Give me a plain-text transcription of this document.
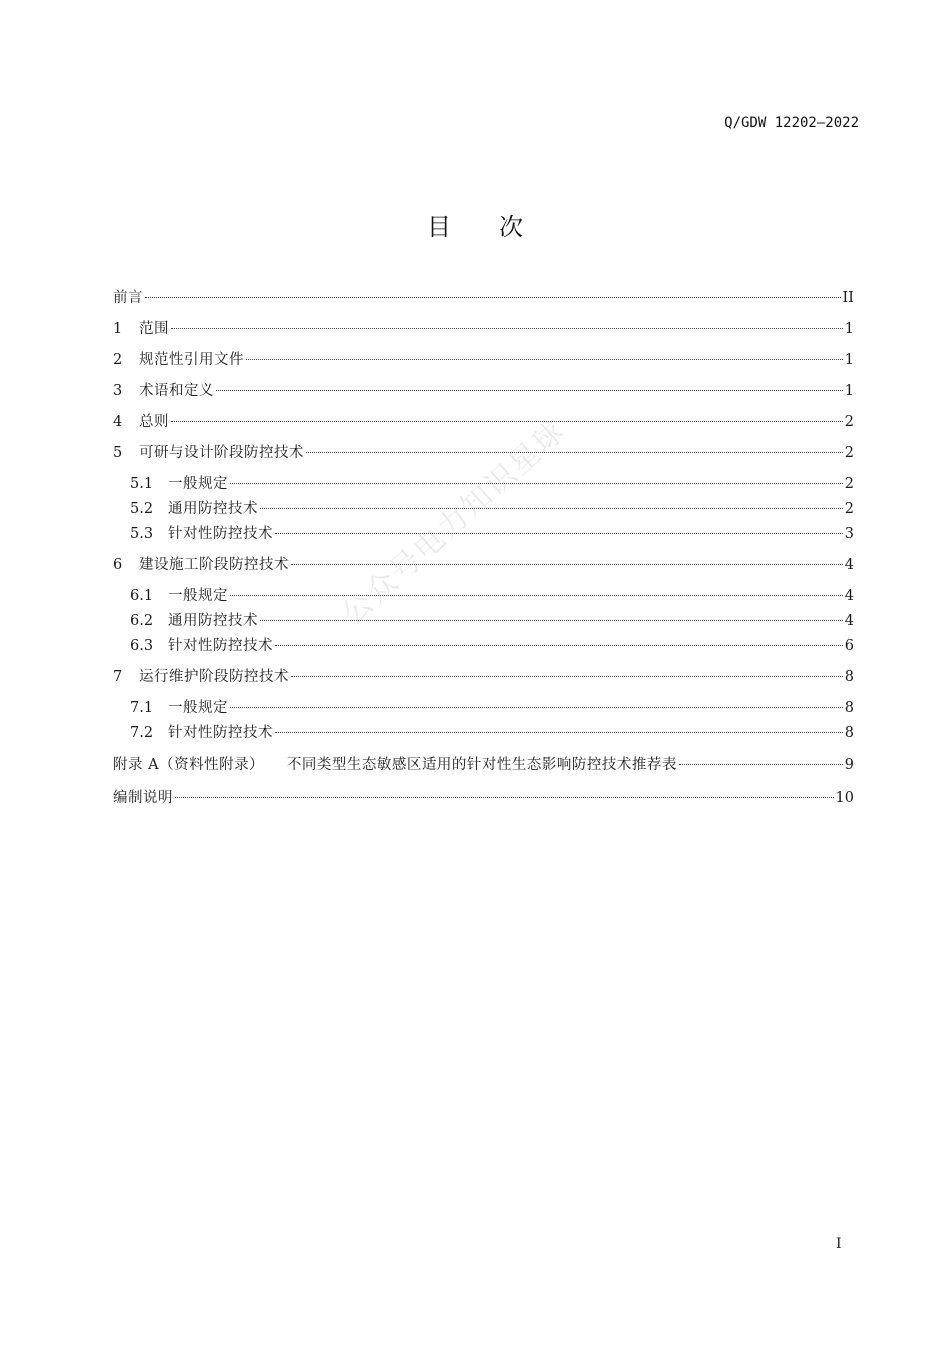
Q/GDW 12202—2022
目 次
前言	II
1	范围	1
2	规范性引用文件	1
3	术语和定义	1
4	总则	2
5	可研与设计阶段防控技术	2
5.1	一般规定	2
5.2	通用防控技术	2
5.3	针对性防控技术	3
6	建设施工阶段防控技术	4
6.1	一般规定	4
6.2	通用防控技术	4
6.3	针对性防控技术	6
7	运行维护阶段防控技术	8
7.1	一般规定	8
7.2	针对性防控技术	8
附录 A（资料性附录）　　不同类型生态敏感区适用的针对性生态影响防控技术推荐表	9
编制说明	10
公众号电力知识星球
I
